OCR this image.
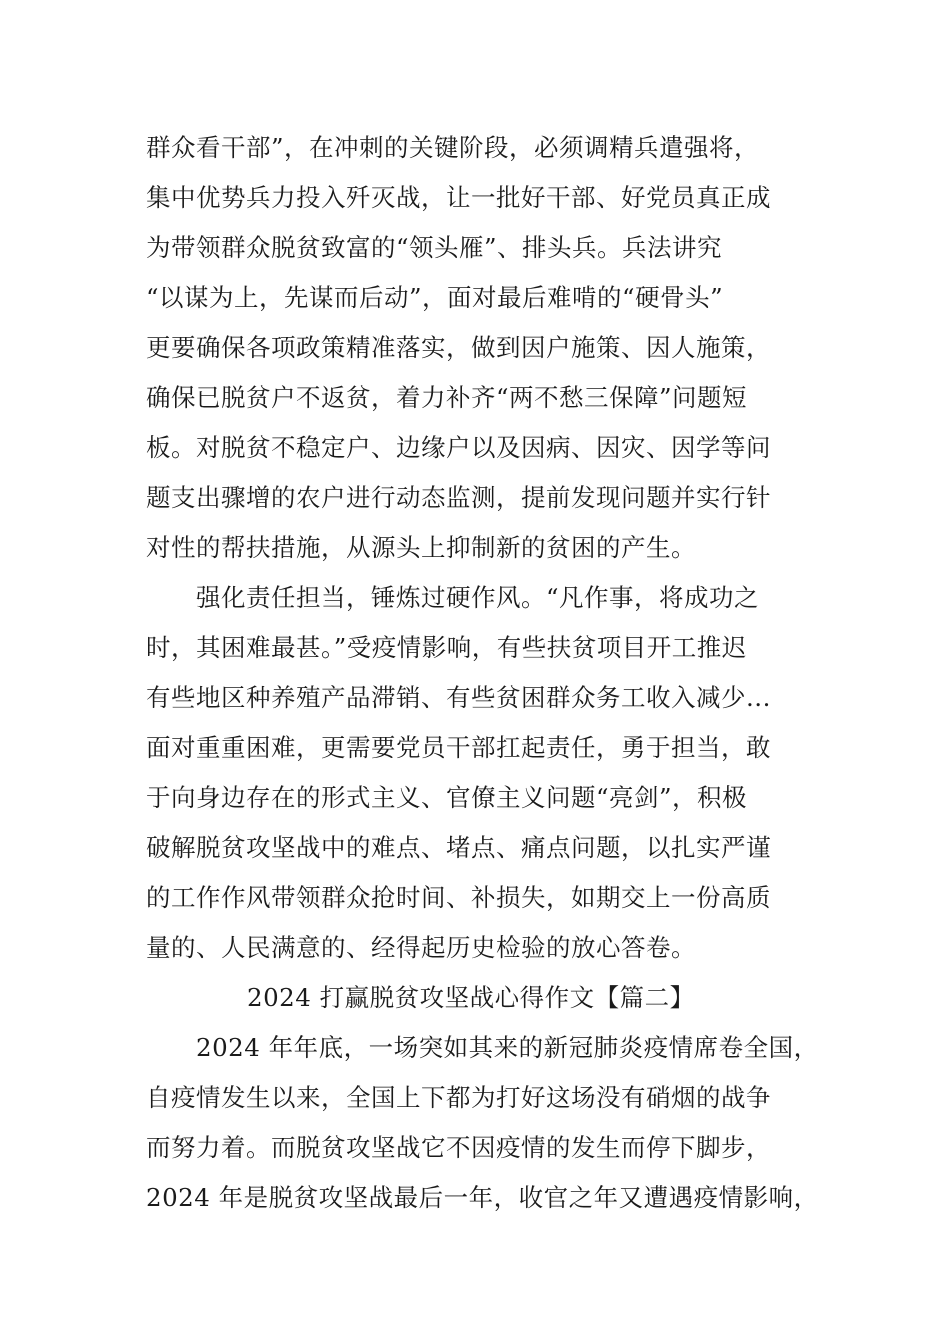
群众看干部”，在冲刺的关键阶段，必须调精兵遣强将，
集中优势兵力投入歼灭战，让一批好干部、好党员真正成
为带领群众脱贫致富的“领头雁”、排头兵。兵法讲究
“以谋为上，先谋而后动”，面对最后难啃的“硬骨头”
更要确保各项政策精准落实，做到因户施策、因人施策，
确保已脱贫户不返贫，着力补齐“两不愁三保障”问题短
板。对脱贫不稳定户、边缘户以及因病、因灾、因学等问
题支出骤增的农户进行动态监测，提前发现问题并实行针
对性的帮扶措施，从源头上抑制新的贫困的产生。
强化责任担当，锤炼过硬作风。“凡作事，将成功之
时，其困难最甚。”受疫情影响，有些扶贫项目开工推迟
有些地区种养殖产品滞销、有些贫困群众务工收入减少...
面对重重困难，更需要党员干部扛起责任，勇于担当，敢
于向身边存在的形式主义、官僚主义问题“亮剑”，积极
破解脱贫攻坚战中的难点、堵点、痛点问题，以扎实严谨
的工作作风带领群众抢时间、补损失，如期交上一份高质
量的、人民满意的、经得起历史检验的放心答卷。
2024 打赢脱贫攻坚战心得作文【篇二】
2024 年年底，一场突如其来的新冠肺炎疫情席卷全国，
自疫情发生以来，全国上下都为打好这场没有硝烟的战争
而努力着。而脱贫攻坚战它不因疫情的发生而停下脚步，
2024 年是脱贫攻坚战最后一年，收官之年又遭遇疫情影响，
